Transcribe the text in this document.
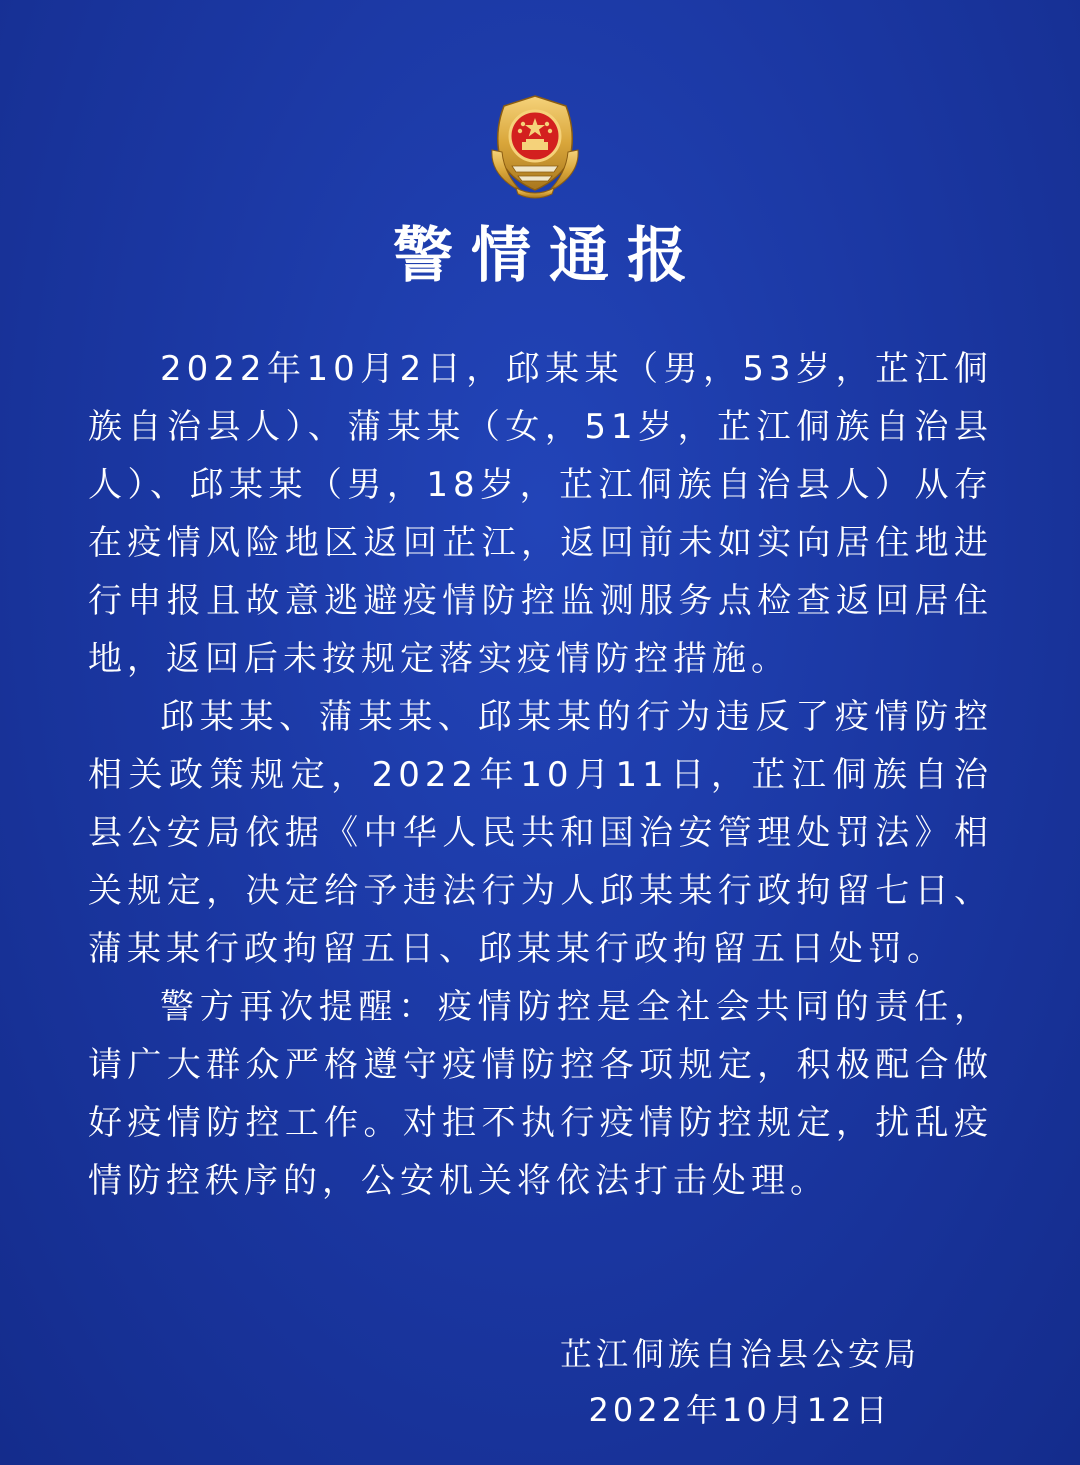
警情通报

2022年10月2日，邱某某（男，53岁，芷江侗族自治县人）、蒲某某（女，51岁，芷江侗族自治县人）、邱某某（男，18岁，芷江侗族自治县人）从存在疫情风险地区返回芷江，返回前未如实向居住地进行申报且故意逃避疫情防控监测服务点检查返回居住地，返回后未按规定落实疫情防控措施。

邱某某、蒲某某、邱某某的行为违反了疫情防控相关政策规定，2022年10月11日，芷江侗族自治县公安局依据《中华人民共和国治安管理处罚法》相关规定，决定给予违法行为人邱某某行政拘留七日、蒲某某行政拘留五日、邱某某行政拘留五日处罚。

警方再次提醒：疫情防控是全社会共同的责任，请广大群众严格遵守疫情防控各项规定，积极配合做好疫情防控工作。对拒不执行疫情防控规定，扰乱疫情防控秩序的，公安机关将依法打击处理。

芷江侗族自治县公安局
2022年10月12日
